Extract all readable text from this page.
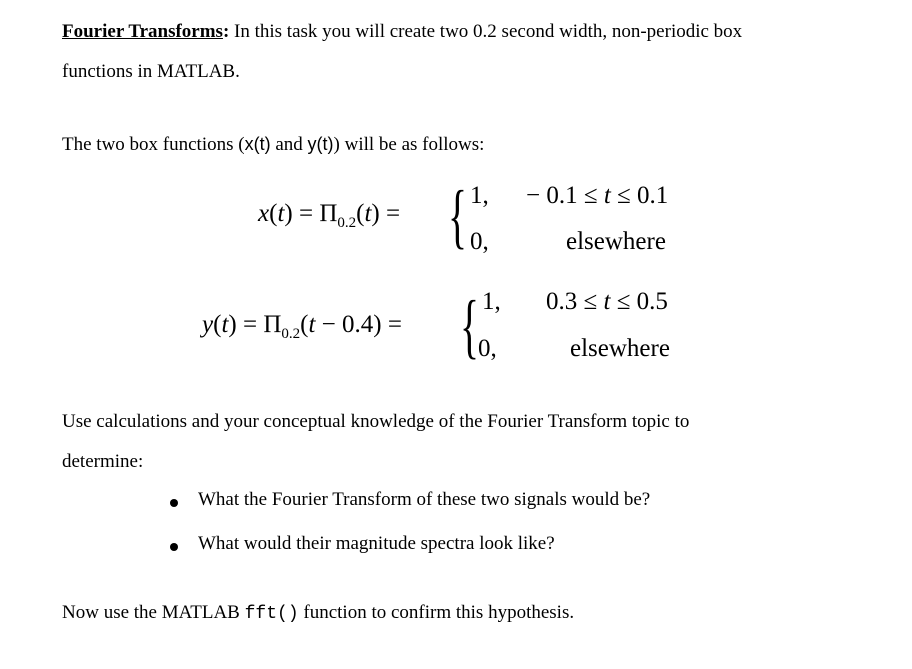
Fourier Transforms: In this task you will create two 0.2 second width, non-periodic box
functions in MATLAB.
The two box functions (x(t) and y(t)) will be as follows:
$x(t) = \Pi_{0.2}(t)$ = { 1, − 0.1 ≤ t ≤ 0.1
0,	elsewhere
$y(t) = \Pi_{0.2}(t - 0.4)$ = { 1, 0.3 ≤ t ≤ 0.5
0,	elsewhere
Use calculations and your conceptual knowledge of the Fourier Transform topic to
determine:
What the Fourier Transform of these two signals would be?
What would their magnitude spectra look like?
Now use the MATLAB fft() function to confirm this hypothesis.
